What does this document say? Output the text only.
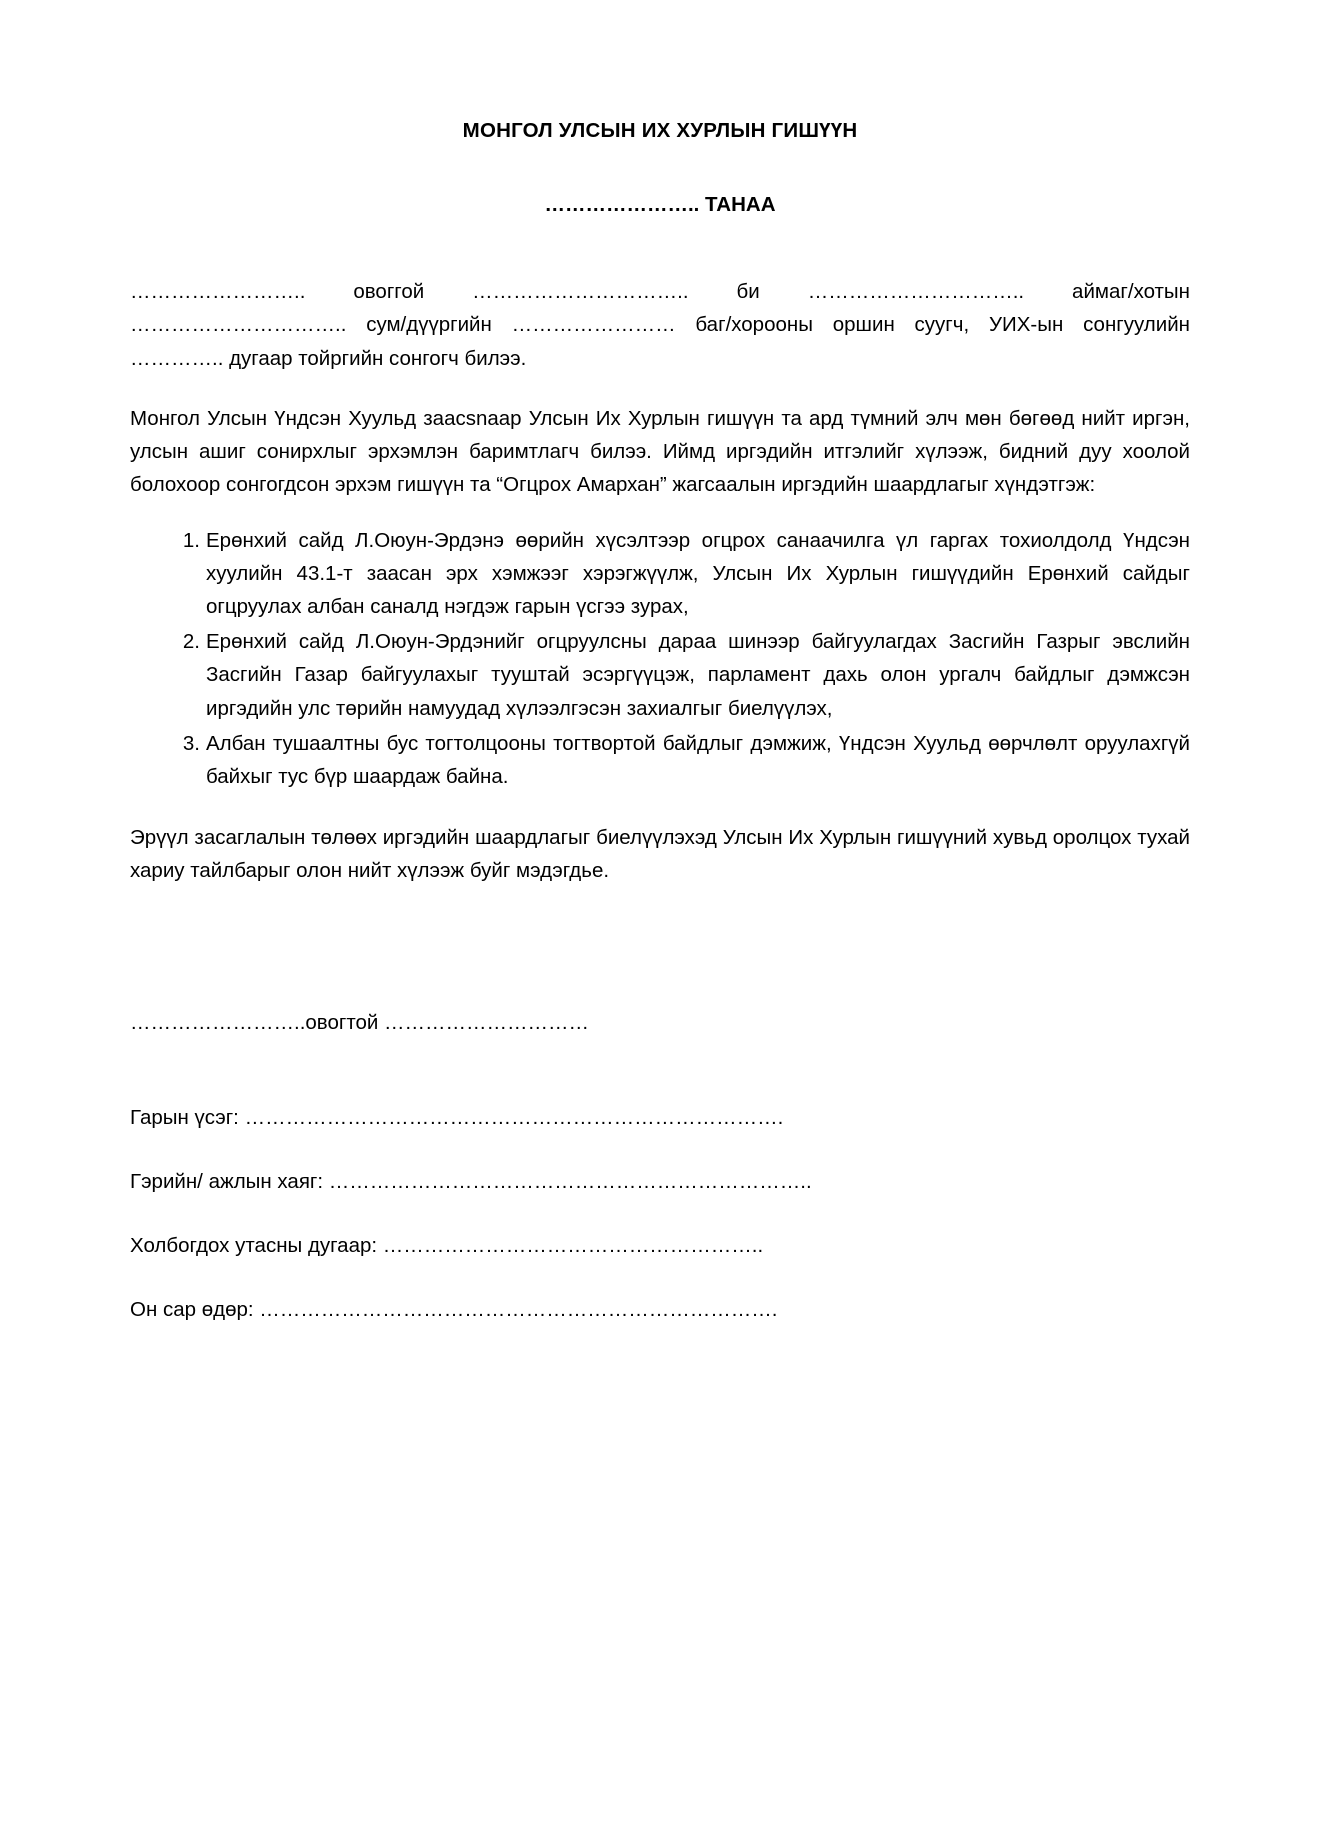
МОНГОЛ УЛСЫН ИХ ХУРЛЫН ГИШҮҮН
………………….. ТАНАА

…………………….. овоггой ………………………….. би ………………………….. аймаг/хотын ………………………….. сум/дүүргийн …………………… баг/хорооны оршин суугч, УИХ-ын сонгуулийн ………….. дугаар тойргийн сонгогч билээ.

Монгол Улсын Үндсэн Хуульд заасsnaар Улсын Их Хурлын гишүүн та ард түмний элч мөн бөгөөд нийт иргэн, улсын ашиг сонирхлыг эрхэмлэн баримтлагч билээ. Иймд иргэдийн итгэлийг хүлээж, бидний дуу хоолой болохоор сонгогдсон эрхэм гишүүн та “Огцрох Амархан” жагсаалын иргэдийн шаардлагыг хүндэтгэж:

1. Ерөнхий сайд Л.Оюун-Эрдэнэ өөрийн хүсэлтээр огцрох санаачилга үл гаргах тохиолдолд Үндсэн хуулийн 43.1-т заасан эрх хэмжээг хэрэгжүүлж, Улсын Их Хурлын гишүүдийн Ерөнхий сайдыг огцруулах албан саналд нэгдэж гарын үсгээ зурах,
2. Ерөнхий сайд Л.Оюун-Эрдэнийг огцруулсны дараа шинээр байгуулагдах Засгийн Газрыг эвслийн Засгийн Газар байгуулахыг тууштай эсэргүүцэж, парламент дахь олон ургалч байдлыг дэмжсэн иргэдийн улс төрийн намуудад хүлээлгэсэн захиалгыг биелүүлэх,
3. Албан тушаалтны бус тогтолцооны тогтвортой байдлыг дэмжиж, Үндсэн Хуульд өөрчлөлт оруулахгүй байхыг тус бүр шаардаж байна.

Эрүүл засаглалын төлөөх иргэдийн шаардлагыг биелүүлэхэд Улсын Их Хурлын гишүүний хувьд оролцох тухай хариу тайлбарыг олон нийт хүлээж буйг мэдэгдье.

……………………..овогтой …………………………

Гарын үсэг: …………………………………………………………………….
Гэрийн/ ажлын хаяг: ……………………………………………………………..
Холбогдох утасны дугаар: ………………………………………………..
Он сар өдөр: ………………………………………………………………….
